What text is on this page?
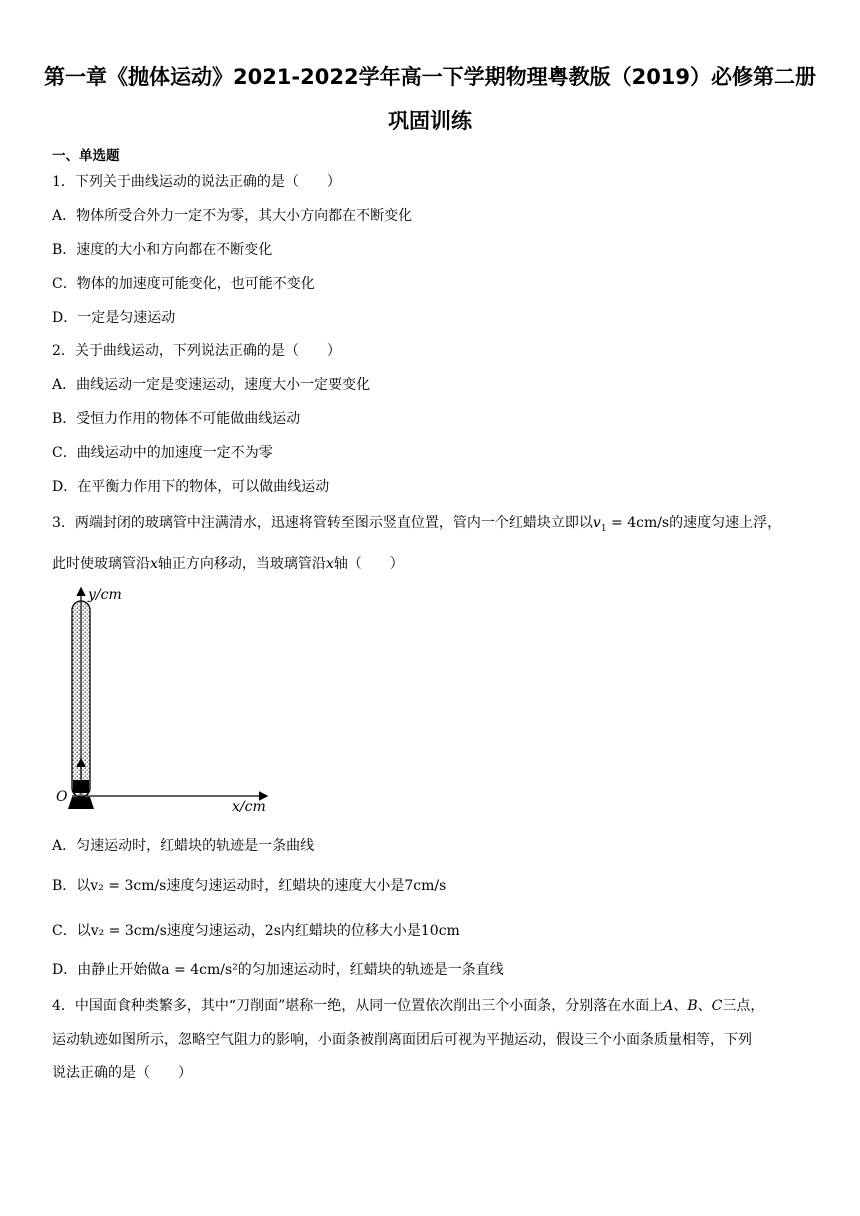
第一章《抛体运动》2021-2022学年高一下学期物理粤教版（2019）必修第二册
巩固训练
一、单选题
1．下列关于曲线运动的说法正确的是（　　）
A．物体所受合外力一定不为零，其大小方向都在不断变化
B．速度的大小和方向都在不断变化
C．物体的加速度可能变化，也可能不变化
D．一定是匀速运动
2．关于曲线运动，下列说法正确的是（　　）
A．曲线运动一定是变速运动，速度大小一定要变化
B．受恒力作用的物体不可能做曲线运动
C．曲线运动中的加速度一定不为零
D．在平衡力作用下的物体，可以做曲线运动
3．两端封闭的玻璃管中注满清水，迅速将管转至图示竖直位置，管内一个红蜡块立即以$v_1 = 4cm/s$的速度匀速上浮，
此时使玻璃管沿x轴正方向移动，当玻璃管沿x轴（　　）
y/cm
O
x/cm
A．匀速运动时，红蜡块的轨迹是一条曲线
B．以v₂ = 3cm/s速度匀速运动时，红蜡块的速度大小是7cm/s
C．以v₂ = 3cm/s速度匀速运动，2s内红蜡块的位移大小是10cm
D．由静止开始做a = 4cm/s²的匀加速运动时，红蜡块的轨迹是一条直线
4．中国面食种类繁多，其中“刀削面”堪称一绝，从同一位置依次削出三个小面条，分别落在水面上A、B、C三点，
运动轨迹如图所示，忽略空气阻力的影响，小面条被削离面团后可视为平抛运动，假设三个小面条质量相等，下列
说法正确的是（　　）
